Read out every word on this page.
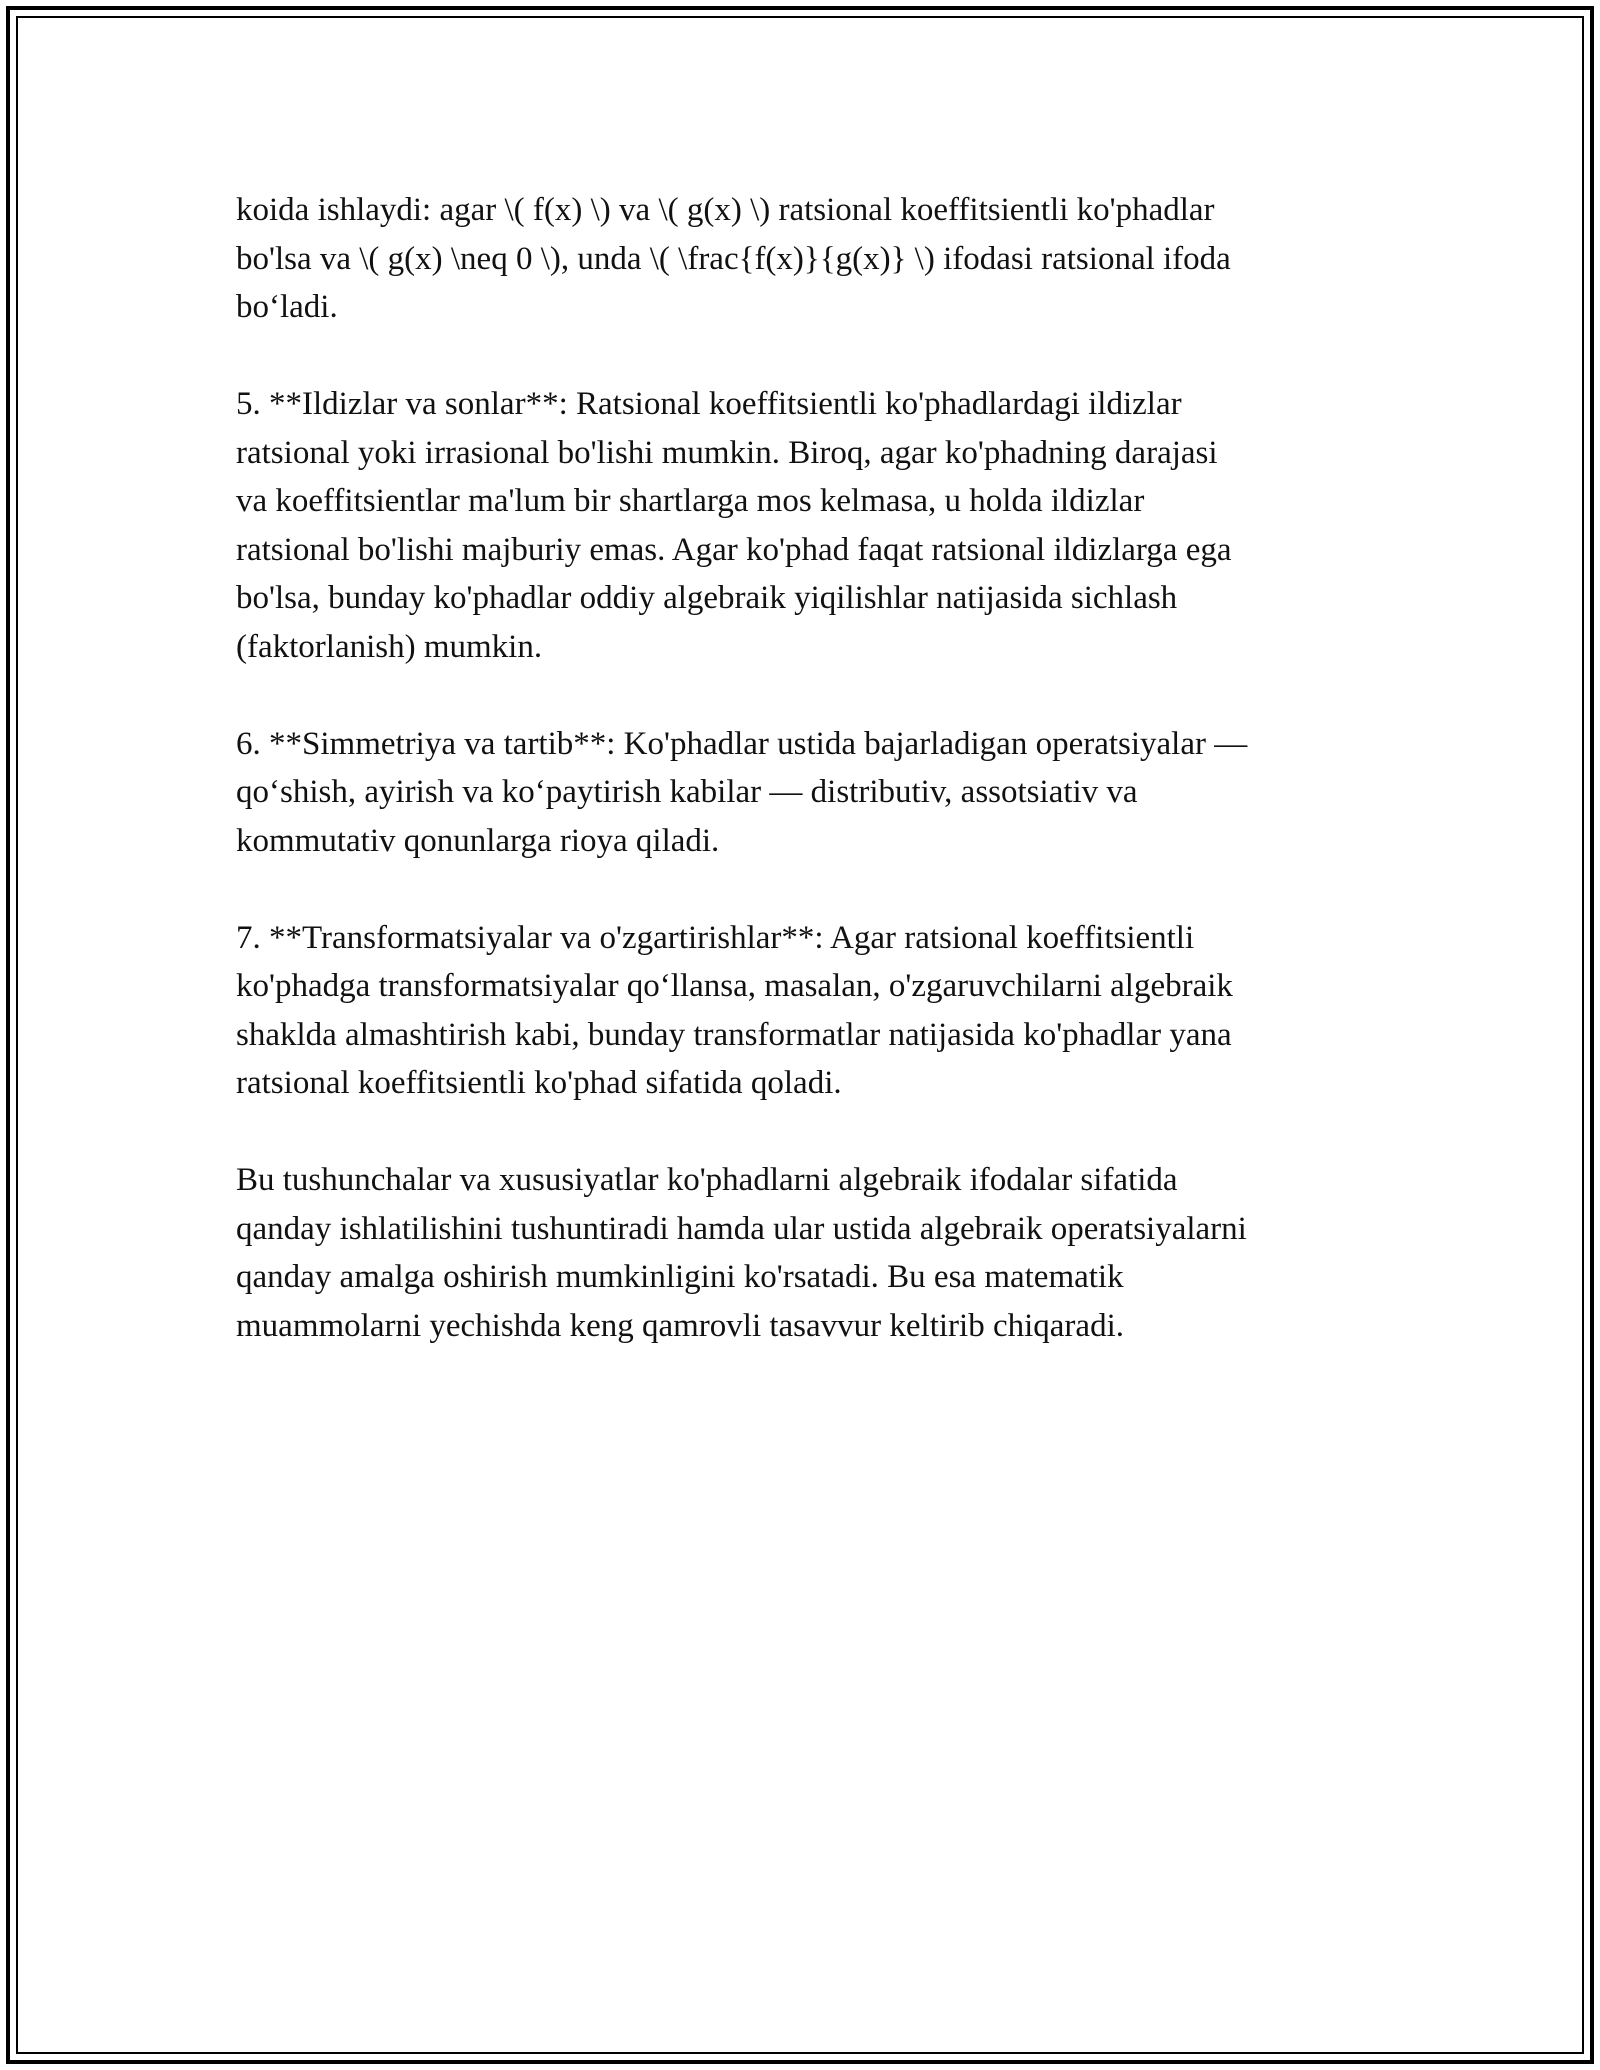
koida ishlaydi: agar \( f(x) \) va \( g(x) \) ratsional koeffitsientli ko'phadlar
bo'lsa va \( g(x) \neq 0 \), unda \( \frac{f(x)}{g(x)} \) ifodasi ratsional ifoda
bo‘ladi.

5. **Ildizlar va sonlar**: Ratsional koeffitsientli ko'phadlardagi ildizlar
ratsional yoki irrasional bo'lishi mumkin. Biroq, agar ko'phadning darajasi
va koeffitsientlar ma'lum bir shartlarga mos kelmasa, u holda ildizlar
ratsional bo'lishi majburiy emas. Agar ko'phad faqat ratsional ildizlarga ega
bo'lsa, bunday ko'phadlar oddiy algebraik yiqilishlar natijasida sichlash
(faktorlanish) mumkin.

6. **Simmetriya va tartib**: Ko'phadlar ustida bajarladigan operatsiyalar —
qo‘shish, ayirish va ko‘paytirish kabilar — distributiv, assotsiativ va
kommutativ qonunlarga rioya qiladi.

7. **Transformatsiyalar va o'zgartirishlar**: Agar ratsional koeffitsientli
ko'phadga transformatsiyalar qo‘llansa, masalan, o'zgaruvchilarni algebraik
shaklda almashtirish kabi, bunday transformatlar natijasida ko'phadlar yana
ratsional koeffitsientli ko'phad sifatida qoladi.

Bu tushunchalar va xususiyatlar ko'phadlarni algebraik ifodalar sifatida
qanday ishlatilishini tushuntiradi hamda ular ustida algebraik operatsiyalarni
qanday amalga oshirish mumkinligini ko'rsatadi. Bu esa matematik
muammolarni yechishda keng qamrovli tasavvur keltirib chiqaradi.
